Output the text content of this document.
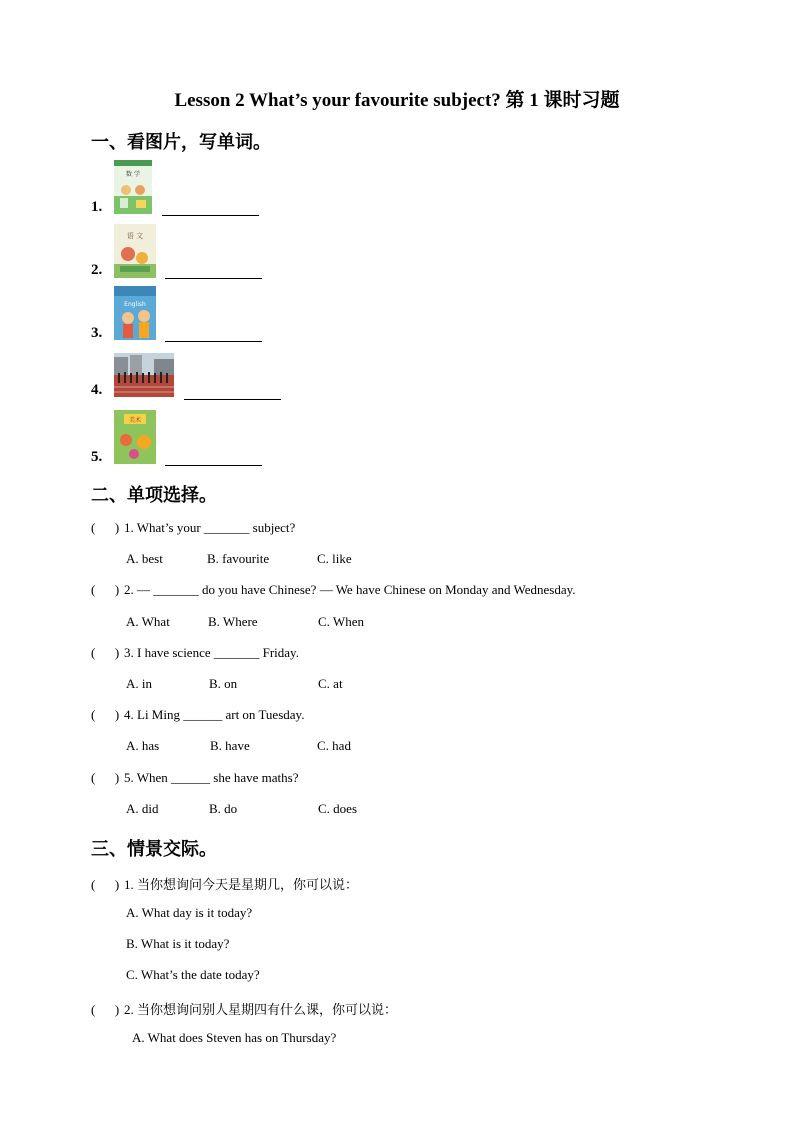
Lesson 2 What’s your favourite subject? 第 1 课时习题
一、看图片，写单词。
数 学
1.
语 文
2.
English
3.
4.
美术
5.
二、单项选择。
( ) 1. What’s your _______ subject?
A. best	B. favourite	C. like
( ) 2. — _______ do you have Chinese? — We have Chinese on Monday and Wednesday.
A. What	B. Where	C. When
( ) 3. I have science _______ Friday.
A. in	B. on	C. at
( ) 4. Li Ming ______ art on Tuesday.
A. has	B. have	C. had
( ) 5. When ______ she have maths?
A. did	B. do	C. does
三、情景交际。
( ) 1. 当你想询问今天是星期几，你可以说：
A. What day is it today?
B. What is it today?
C. What’s the date today?
( ) 2. 当你想询问别人星期四有什么课，你可以说：
A. What does Steven has on Thursday?
